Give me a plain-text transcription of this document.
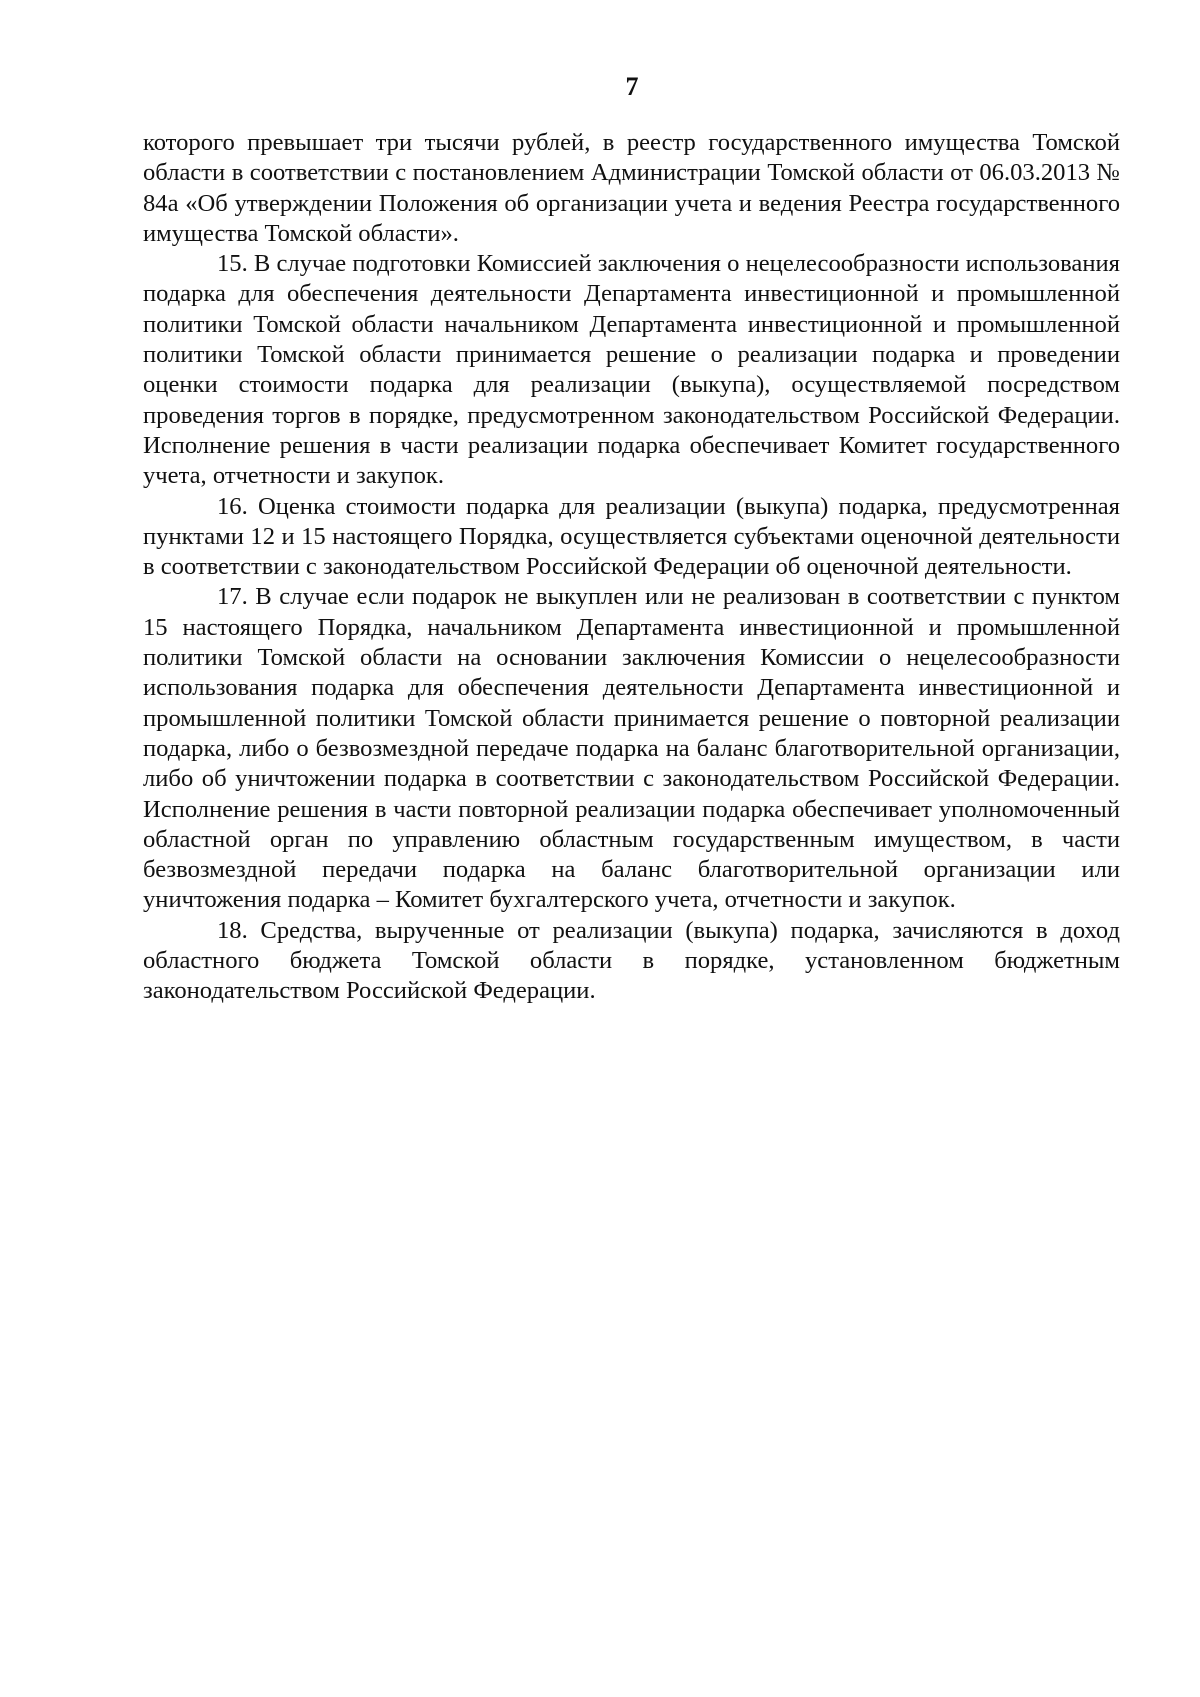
7

которого превышает три тысячи рублей, в реестр государственного имущества Томской области в соответствии с постановлением Администрации Томской области от 06.03.2013 № 84а «Об утверждении Положения об организации учета и ведения Реестра государственного имущества Томской области».

15. В случае подготовки Комиссией заключения о нецелесообразности использования подарка для обеспечения деятельности Департамента инвестиционной и промышленной политики Томской области начальником Департамента инвестиционной и промышленной политики Томской области принимается решение о реализации подарка и проведении оценки стоимости подарка для реализации (выкупа), осуществляемой посредством проведения торгов в порядке, предусмотренном законодательством Российской Федерации. Исполнение решения в части реализации подарка обеспечивает Комитет государственного учета, отчетности и закупок.

16. Оценка стоимости подарка для реализации (выкупа) подарка, предусмотренная пунктами 12 и 15 настоящего Порядка, осуществляется субъектами оценочной деятельности в соответствии с законодательством Российской Федерации об оценочной деятельности.

17. В случае если подарок не выкуплен или не реализован в соответствии с пунктом 15 настоящего Порядка, начальником Департамента инвестиционной и промышленной политики Томской области на основании заключения Комиссии о нецелесообразности использования подарка для обеспечения деятельности Департамента инвестиционной и промышленной политики Томской области принимается решение о повторной реализации подарка, либо о безвозмездной передаче подарка на баланс благотворительной организации, либо об уничтожении подарка в соответствии с законодательством Российской Федерации. Исполнение решения в части повторной реализации подарка обеспечивает уполномоченный областной орган по управлению областным государственным имуществом, в части безвозмездной передачи подарка на баланс благотворительной организации или уничтожения подарка – Комитет бухгалтерского учета, отчетности и закупок.

18. Средства, вырученные от реализации (выкупа) подарка, зачисляются в доход областного бюджета Томской области в порядке, установленном бюджетным законодательством Российской Федерации.
